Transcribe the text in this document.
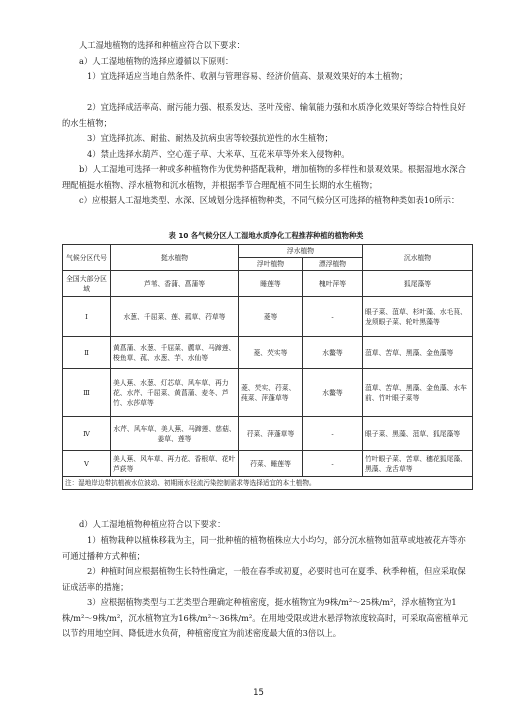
人工湿地植物的选择和种植应符合以下要求：

a）人工湿地植物的选择应遵循以下原则：

1）宜选择适应当地自然条件、收割与管理容易、经济价值高、景观效果好的本土植物；

2）宜选择成活率高、耐污能力强、根系发达、茎叶茂密、输氧能力强和水质净化效果好等综合特性良好的水生植物；

3）宜选择抗冻、耐盐、耐热及抗病虫害等较强抗逆性的水生植物；

4）禁止选择水葫芦、空心莲子草、大米草、互花米草等外来入侵物种。

b）人工湿地可选择一种或多种植物作为优势种搭配栽种，增加植物的多样性和景观效果。根据湿地水深合理配植挺水植物、浮水植物和沉水植物，并根据季节合理配植不同生长期的水生植物；

c）应根据人工湿地类型、水深、区域划分选择植物种类，不同气候分区可选择的植物种类如表10所示：

表 10 各气候分区人工湿地水质净化工程推荐种植的植物种类
气候分区代号	挺水植物	浮水植物		沉水植物
		浮叶植物	漂浮植物	
全国大部分区域	芦苇、香蒲、菖蒲等	睡莲等	槐叶萍等	狐尾藻等
Ⅰ	水葱、千屈菜、莲、菰草、荇草等	菱等	-	眼子菜、菹草、杉叶藻、水毛茛、龙须眼子菜、轮叶黑藻等
Ⅱ	黄菖蒲、水葱、千屈菜、藨草、马蹄莲、梭鱼草、菰、水葱、芋、水仙等	菱、芡实等	水鳖等	菹草、苦草、黑藻、金鱼藻等
Ⅲ	美人蕉、水葱、灯芯草、风车草、再力花、水芹、千屈菜、黄菖蒲、麦冬、芦竹、水莎草等	菱、芡实、荇菜、莼菜、萍蓬草等	水鳖等	菹草、苦草、黑藻、金鱼藻、水车前、竹叶眼子菜等
Ⅳ	水芹、风车草、美人蕉、马蹄莲、慈菇、姜草、莲等	荇菜、萍蓬草等	-	眼子菜、黑藻、菹草、狐尾藻等
Ⅴ	美人蕉、风车草、再力花、香根草、花叶芦荻等	荇菜、睡莲等	-	竹叶眼子菜、苦草、穗花狐尾藻、黑藻、龙舌草等
注：湿地岸边带抗植被水位波动、初期雨水径流污染控制需求等选择适宜的本土植物。				

d）人工湿地植物种植应符合以下要求：

1）植物栽种以植株移栽为主，同一批种植的植物植株应大小均匀，部分沉水植物如菹草或地被花卉等亦可通过播种方式种植；

2）种植时间应根据植物生长特性确定，一般在春季或初夏，必要时也可在夏季、秋季种植，但应采取保证成活率的措施；

3）应根据植物类型与工艺类型合理确定种植密度，挺水植物宜为9株/m²～25株/m²，浮水植物宜为1株/m²～9株/m²，沉水植物宜为16株/m²～36株/m²。在用地受限或进水悬浮物浓度较高时，可采取高密植单元以节约用地空间、降低进水负荷，种植密度宜为前述密度最大值的3倍以上。

15
